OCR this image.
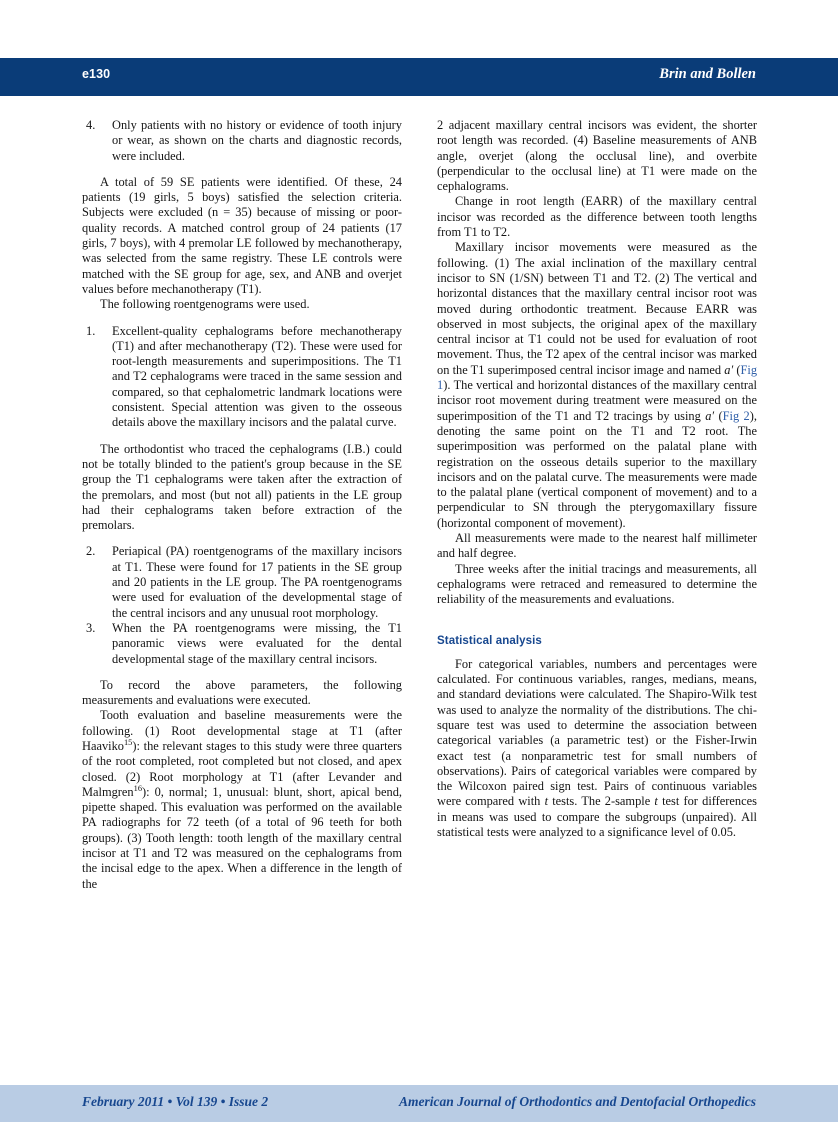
e130	Brin and Bollen
4. Only patients with no history or evidence of tooth injury or wear, as shown on the charts and diagnostic records, were included.

A total of 59 SE patients were identified. Of these, 24 patients (19 girls, 5 boys) satisfied the selection criteria. Subjects were excluded (n = 35) because of missing or poor-quality records. A matched control group of 24 patients (17 girls, 7 boys), with 4 premolar LE followed by mechanotherapy, was selected from the same registry. These LE controls were matched with the SE group for age, sex, and ANB and overjet values before mechanotherapy (T1).

The following roentgenograms were used.

1. Excellent-quality cephalograms before mechanotherapy (T1) and after mechanotherapy (T2). These were used for root-length measurements and superimpositions. The T1 and T2 cephalograms were traced in the same session and compared, so that cephalometric landmark locations were consistent. Special attention was given to the osseous details above the maxillary incisors and the palatal curve.

The orthodontist who traced the cephalograms (I.B.) could not be totally blinded to the patient's group because in the SE group the T1 cephalograms were taken after the extraction of the premolars, and most (but not all) patients in the LE group had their cephalograms taken before extraction of the premolars.

2. Periapical (PA) roentgenograms of the maxillary incisors at T1. These were found for 17 patients in the SE group and 20 patients in the LE group. The PA roentgenograms were used for evaluation of the developmental stage of the central incisors and any unusual root morphology.
3. When the PA roentgenograms were missing, the T1 panoramic views were evaluated for the dental developmental stage of the maxillary central incisors.

To record the above parameters, the following measurements and evaluations were executed.

Tooth evaluation and baseline measurements were the following. (1) Root developmental stage at T1 (after Haaviko$^{15}$): the relevant stages to this study were three quarters of the root completed, root completed but not closed, and apex closed. (2) Root morphology at T1 (after Levander and Malmgren$^{16}$): 0, normal; 1, unusual: blunt, short, apical bend, pipette shaped. This evaluation was performed on the available PA radiographs for 72 teeth (of a total of 96 teeth for both groups). (3) Tooth length: tooth length of the maxillary central incisor at T1 and T2 was measured on the cephalograms from the incisal edge to the apex. When a difference in the length of the

2 adjacent maxillary central incisors was evident, the shorter root length was recorded. (4) Baseline measurements of ANB angle, overjet (along the occlusal line), and overbite (perpendicular to the occlusal line) at T1 were made on the cephalograms.

Change in root length (EARR) of the maxillary central incisor was recorded as the difference between tooth lengths from T1 to T2.

Maxillary incisor movements were measured as the following. (1) The axial inclination of the maxillary central incisor to SN (1/SN) between T1 and T2. (2) The vertical and horizontal distances that the maxillary central incisor root was moved during orthodontic treatment. Because EARR was observed in most subjects, the original apex of the maxillary central incisor at T1 could not be used for evaluation of root movement. Thus, the T2 apex of the central incisor was marked on the T1 superimposed central incisor image and named a′ (Fig 1). The vertical and horizontal distances of the maxillary central incisor root movement during treatment were measured on the superimposition of the T1 and T2 tracings by using a′ (Fig 2), denoting the same point on the T1 and T2 root. The superimposition was performed on the palatal plane with registration on the osseous details superior to the maxillary incisors and on the palatal curve. The measurements were made to the palatal plane (vertical component of movement) and to a perpendicular to SN through the pterygomaxillary fissure (horizontal component of movement).

All measurements were made to the nearest half millimeter and half degree.

Three weeks after the initial tracings and measurements, all cephalograms were retraced and remeasured to determine the reliability of the measurements and evaluations.

Statistical analysis

For categorical variables, numbers and percentages were calculated. For continuous variables, ranges, medians, means, and standard deviations were calculated. The Shapiro-Wilk test was used to analyze the normality of the distributions. The chi-square test was used to determine the association between categorical variables (a parametric test) or the Fisher-Irwin exact test (a nonparametric test for small numbers of observations). Pairs of categorical variables were compared by the Wilcoxon paired sign test. Pairs of continuous variables were compared with t tests. The 2-sample t test for differences in means was used to compare the subgroups (unpaired). All statistical tests were analyzed to a significance level of 0.05.

February 2011 • Vol 139 • Issue 2	American Journal of Orthodontics and Dentofacial Orthopedics
